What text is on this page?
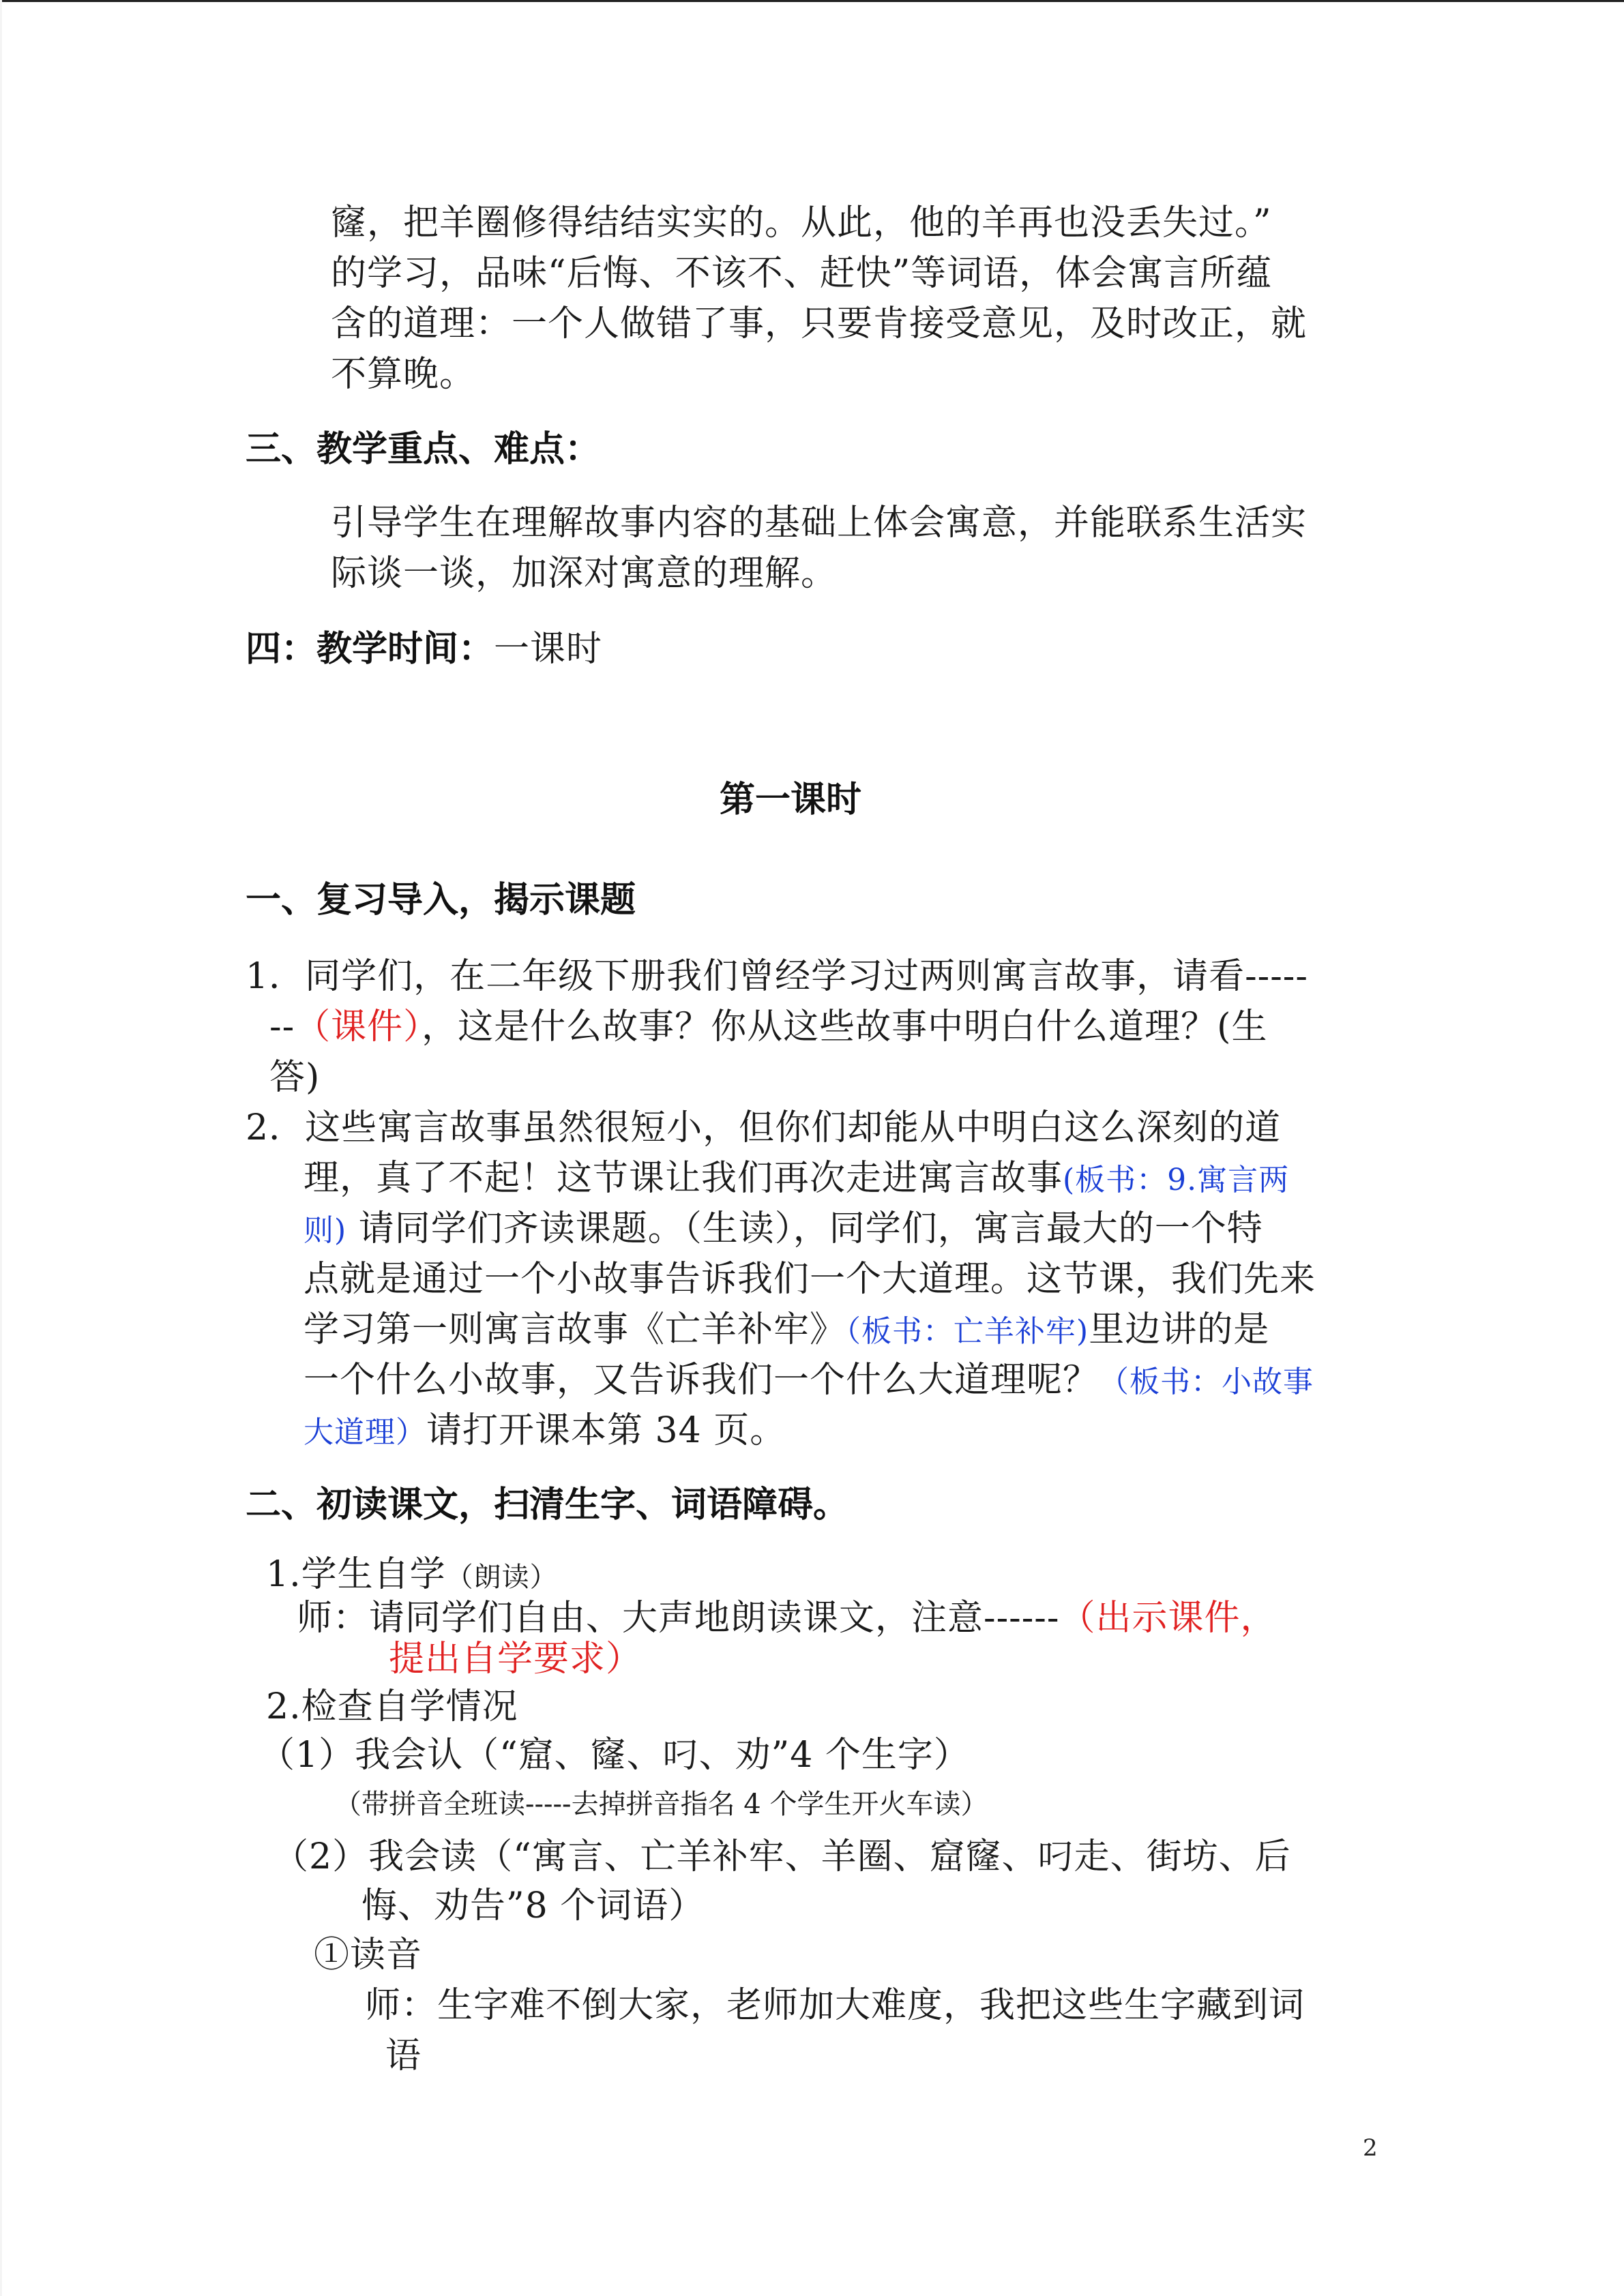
窿，把羊圈修得结结实实的。从此，他的羊再也没丢失过。”
的学习，品味“后悔、不该不、赶快”等词语，体会寓言所蕴
含的道理：一个人做错了事，只要肯接受意见，及时改正，就
不算晚。
三、教学重点、难点：
引导学生在理解故事内容的基础上体会寓意，并能联系生活实
际谈一谈，加深对寓意的理解。
四：教学时间：一课时
第一课时
一、复习导入，揭示课题
1．同学们，在二年级下册我们曾经学习过两则寓言故事，请看-----
--（课件），这是什么故事？你从这些故事中明白什么道理？(生
答)
2．这些寓言故事虽然很短小，但你们却能从中明白这么深刻的道
理，真了不起！这节课让我们再次走进寓言故事(板书：9.寓言两
则) 请同学们齐读课题。（生读），同学们，寓言最大的一个特
点就是通过一个小故事告诉我们一个大道理。这节课，我们先来
学习第一则寓言故事《亡羊补牢》（板书：亡羊补牢)里边讲的是
一个什么小故事，又告诉我们一个什么大道理呢？（板书：小故事
大道理）请打开课本第 34 页。
二、初读课文，扫清生字、词语障碍。
1.学生自学（朗读）
师：请同学们自由、大声地朗读课文，注意------（出示课件，
提出自学要求）
2.检查自学情况
（1）我会认（“窟、窿、叼、劝”4 个生字）
（带拼音全班读-----去掉拼音指名 4 个学生开火车读）
（2）我会读（“寓言、亡羊补牢、羊圈、窟窿、叼走、街坊、后
悔、劝告”8 个词语）
①读音
师：生字难不倒大家，老师加大难度，我把这些生字藏到词
语
2
